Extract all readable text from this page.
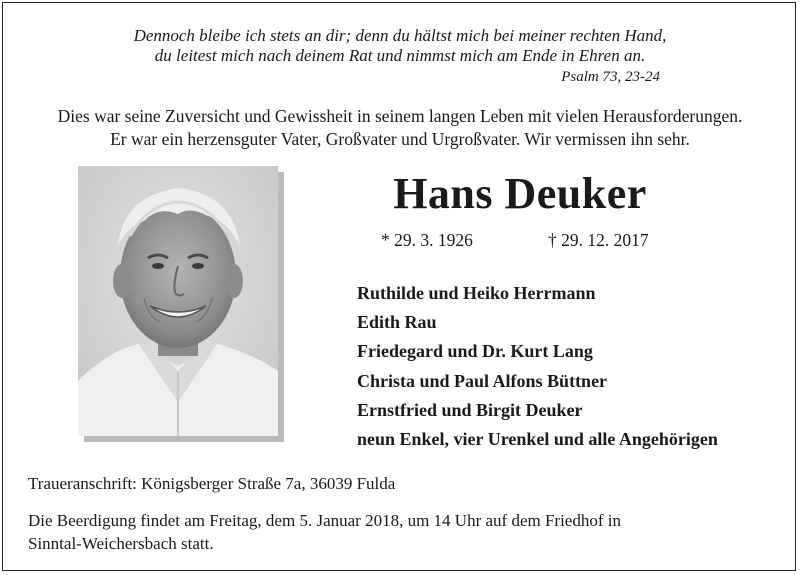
Dennoch bleibe ich stets an dir; denn du hältst mich bei meiner rechten Hand,
du leitest mich nach deinem Rat und nimmst mich am Ende in Ehren an.
Psalm 73, 23-24
Dies war seine Zuversicht und Gewissheit in seinem langen Leben mit vielen Herausforderungen.
Er war ein herzensguter Vater, Großvater und Urgroßvater. Wir vermissen ihn sehr.
Hans Deuker
* 29. 3. 1926	† 29. 12. 2017
Ruthilde und Heiko Herrmann
Edith Rau
Friedegard und Dr. Kurt Lang
Christa und Paul Alfons Büttner
Ernstfried und Birgit Deuker
neun Enkel, vier Urenkel und alle Angehörigen
Traueranschrift: Königsberger Straße 7a, 36039 Fulda
Die Beerdigung findet am Freitag, dem 5. Januar 2018, um 14 Uhr auf dem Friedhof in
Sinntal-Weichersbach statt.
